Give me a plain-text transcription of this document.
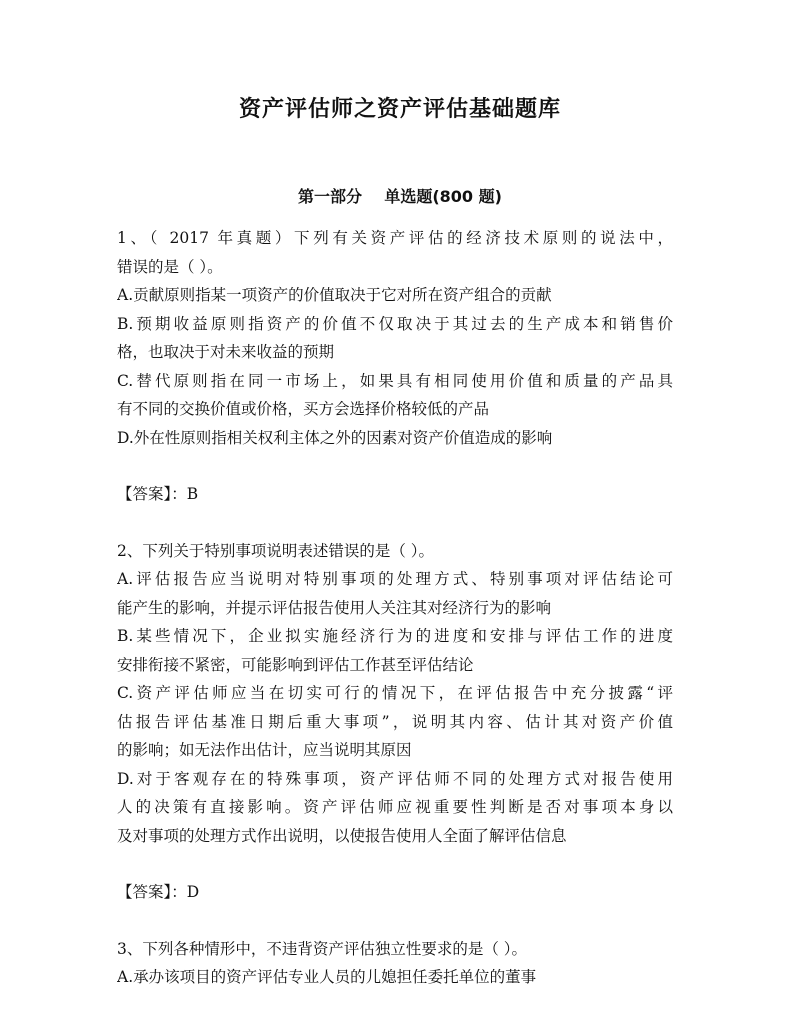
资产评估师之资产评估基础题库
第一部分    单选题(800 题)
1、（ 2017 年真题）下列有关资产评估的经济技术原则的说法中，
错误的是（ ）。
A.贡献原则指某一项资产的价值取决于它对所在资产组合的贡献
B.预期收益原则指资产的价值不仅取决于其过去的生产成本和销售价
格，也取决于对未来收益的预期
C.替代原则指在同一市场上，如果具有相同使用价值和质量的产品具
有不同的交换价值或价格，买方会选择价格较低的产品
D.外在性原则指相关权利主体之外的因素对资产价值造成的影响
【答案】：B
2、下列关于特别事项说明表述错误的是（ ）。
A.评估报告应当说明对特别事项的处理方式、特别事项对评估结论可
能产生的影响，并提示评估报告使用人关注其对经济行为的影响
B.某些情况下，企业拟实施经济行为的进度和安排与评估工作的进度
安排衔接不紧密，可能影响到评估工作甚至评估结论
C.资产评估师应当在切实可行的情况下，在评估报告中充分披露“评
估报告评估基准日期后重大事项”，说明其内容、估计其对资产价值
的影响；如无法作出估计，应当说明其原因
D.对于客观存在的特殊事项，资产评估师不同的处理方式对报告使用
人的决策有直接影响。资产评估师应视重要性判断是否对事项本身以
及对事项的处理方式作出说明，以使报告使用人全面了解评估信息
【答案】：D
3、下列各种情形中，不违背资产评估独立性要求的是（ ）。
A.承办该项目的资产评估专业人员的儿媳担任委托单位的董事
